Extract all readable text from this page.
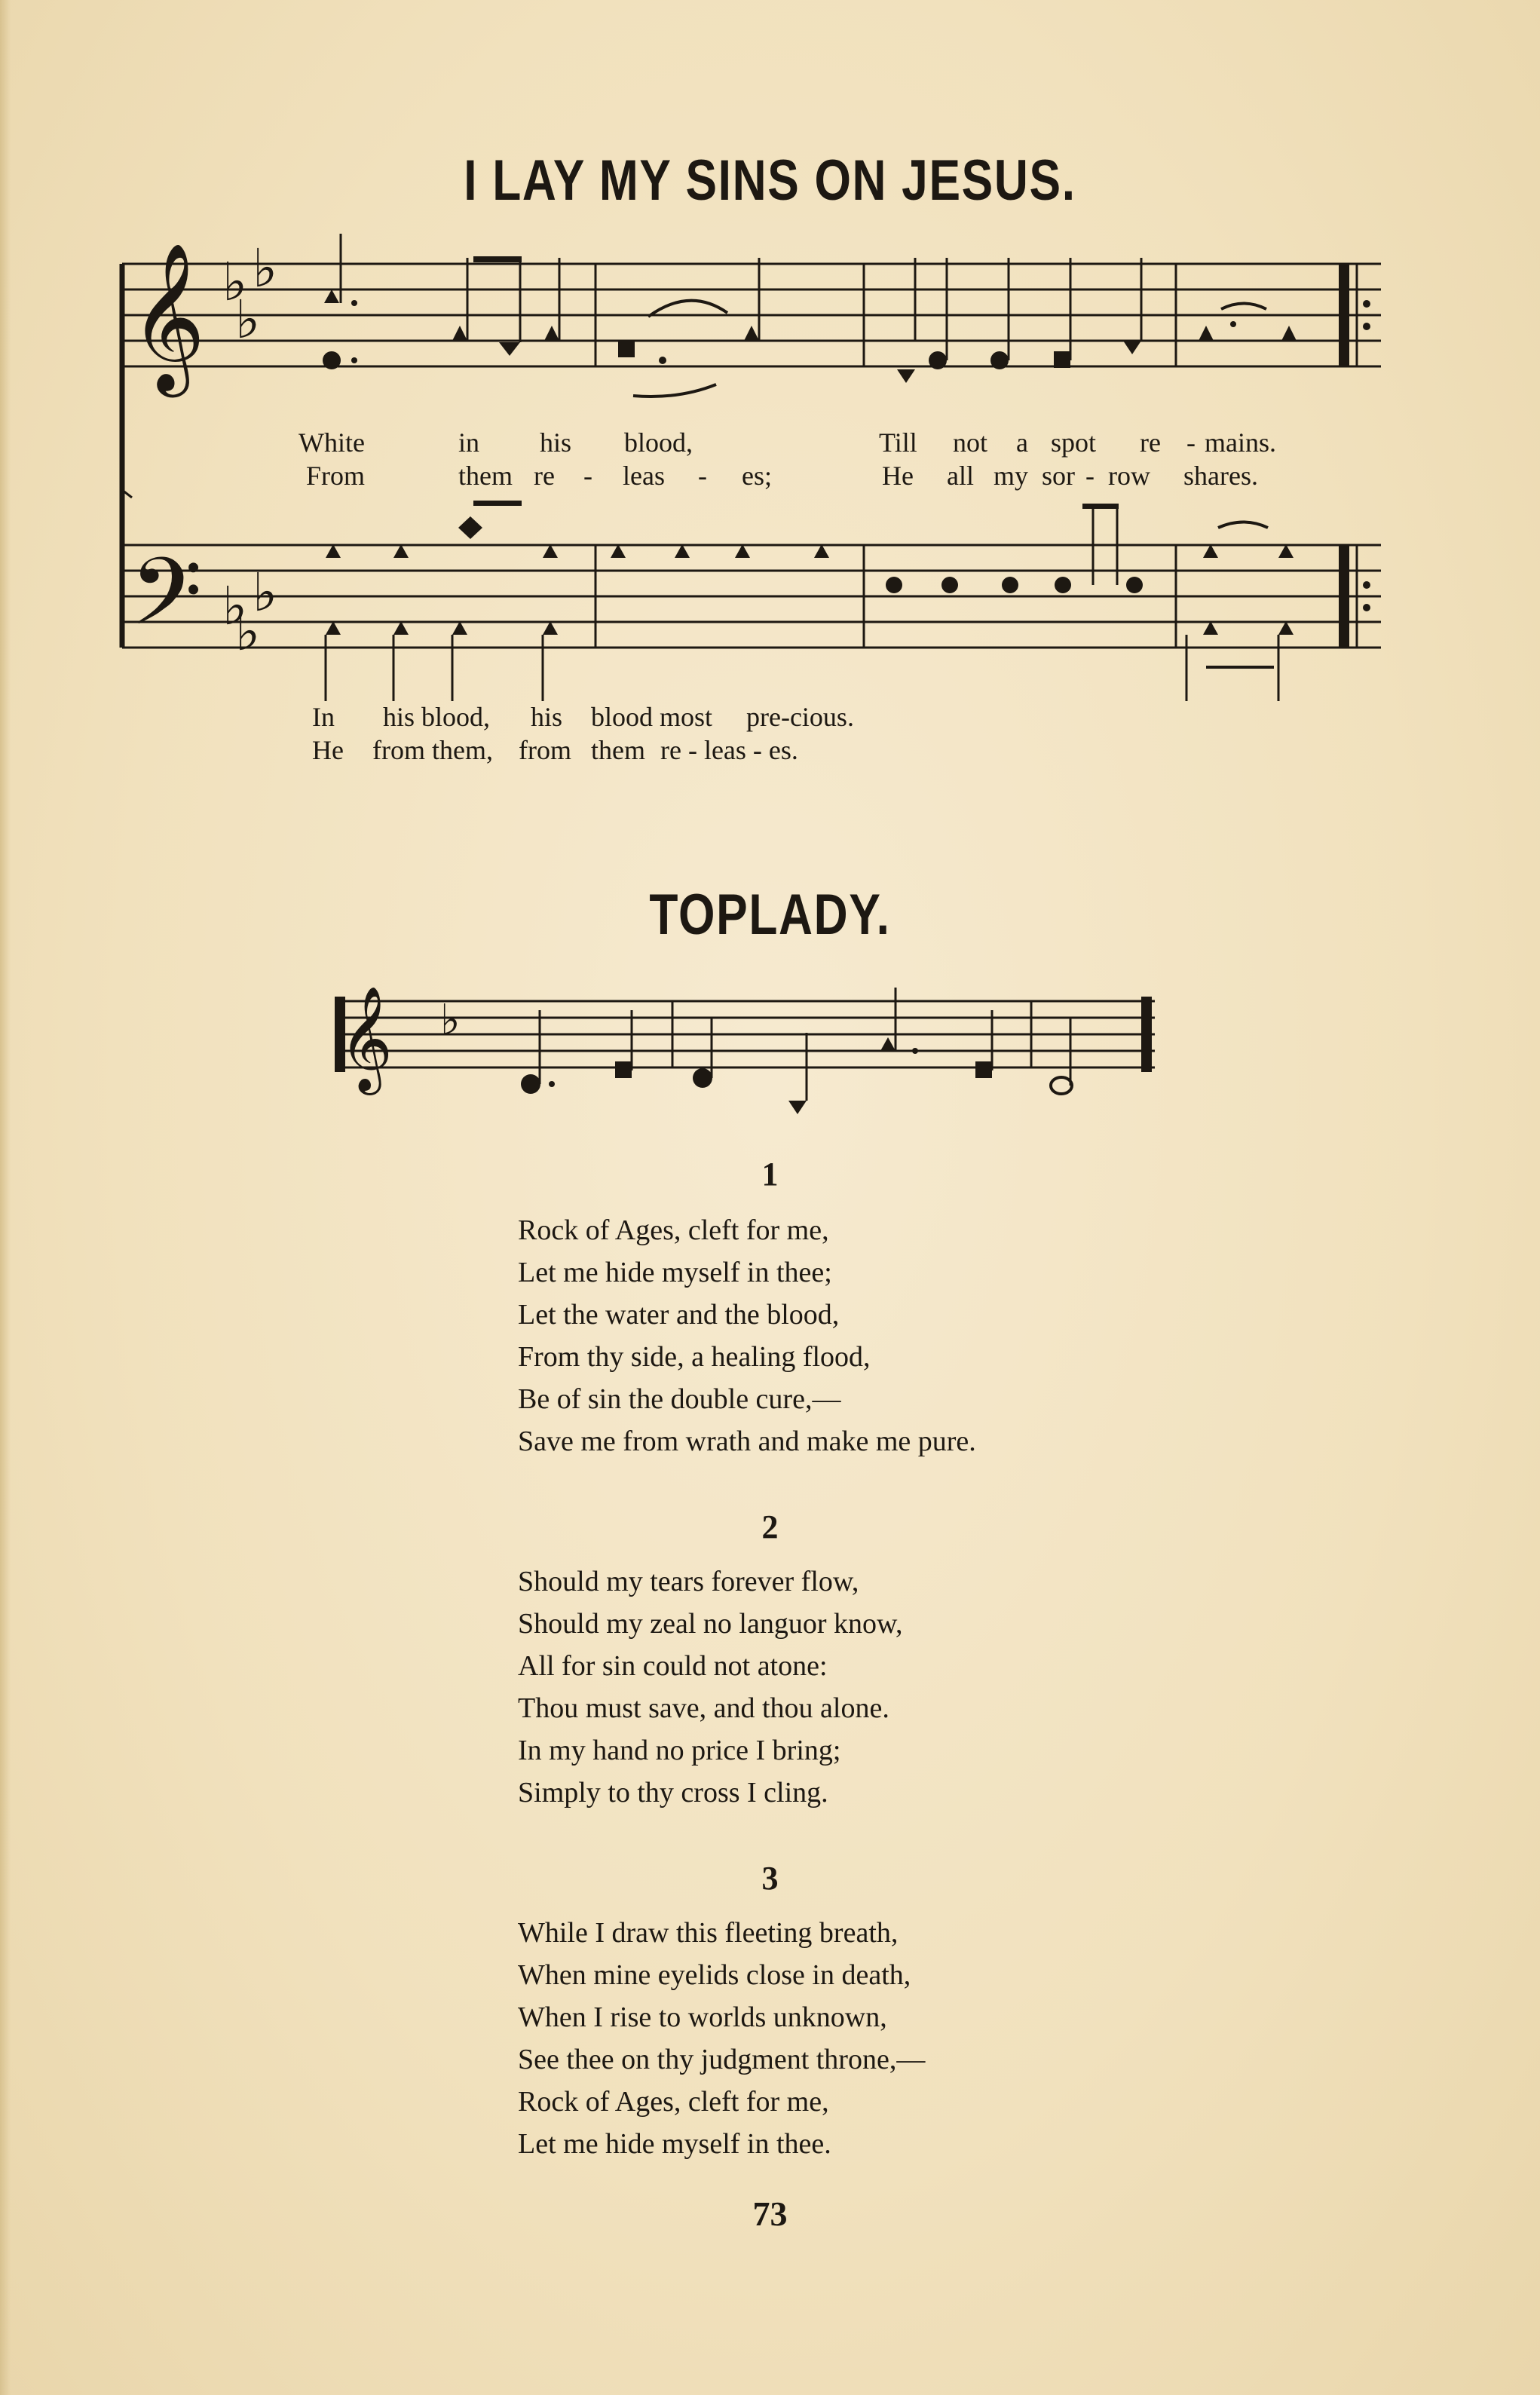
I LAY MY SINS ON JESUS.
𝄞
𝄢
♭ ♭
♭
♭ ♭
♭
White	in his blood,	Till not a spot re - mains.
From	them re - leas - es;	He all my sor - row shares.
In his blood, his blood most pre-cious.
He from them, from them re - leas - es.
TOPLADY.
𝄞 ♭
1
Rock of Ages, cleft for me,
Let me hide myself in thee;
Let the water and the blood,
From thy side, a healing flood,
Be of sin the double cure,—
Save me from wrath and make me pure.
2
Should my tears forever flow,
Should my zeal no languor know,
All for sin could not atone:
Thou must save, and thou alone.
In my hand no price I bring;
Simply to thy cross I cling.
3
While I draw this fleeting breath,
When mine eyelids close in death,
When I rise to worlds unknown,
See thee on thy judgment throne,—
Rock of Ages, cleft for me,
Let me hide myself in thee.
73
